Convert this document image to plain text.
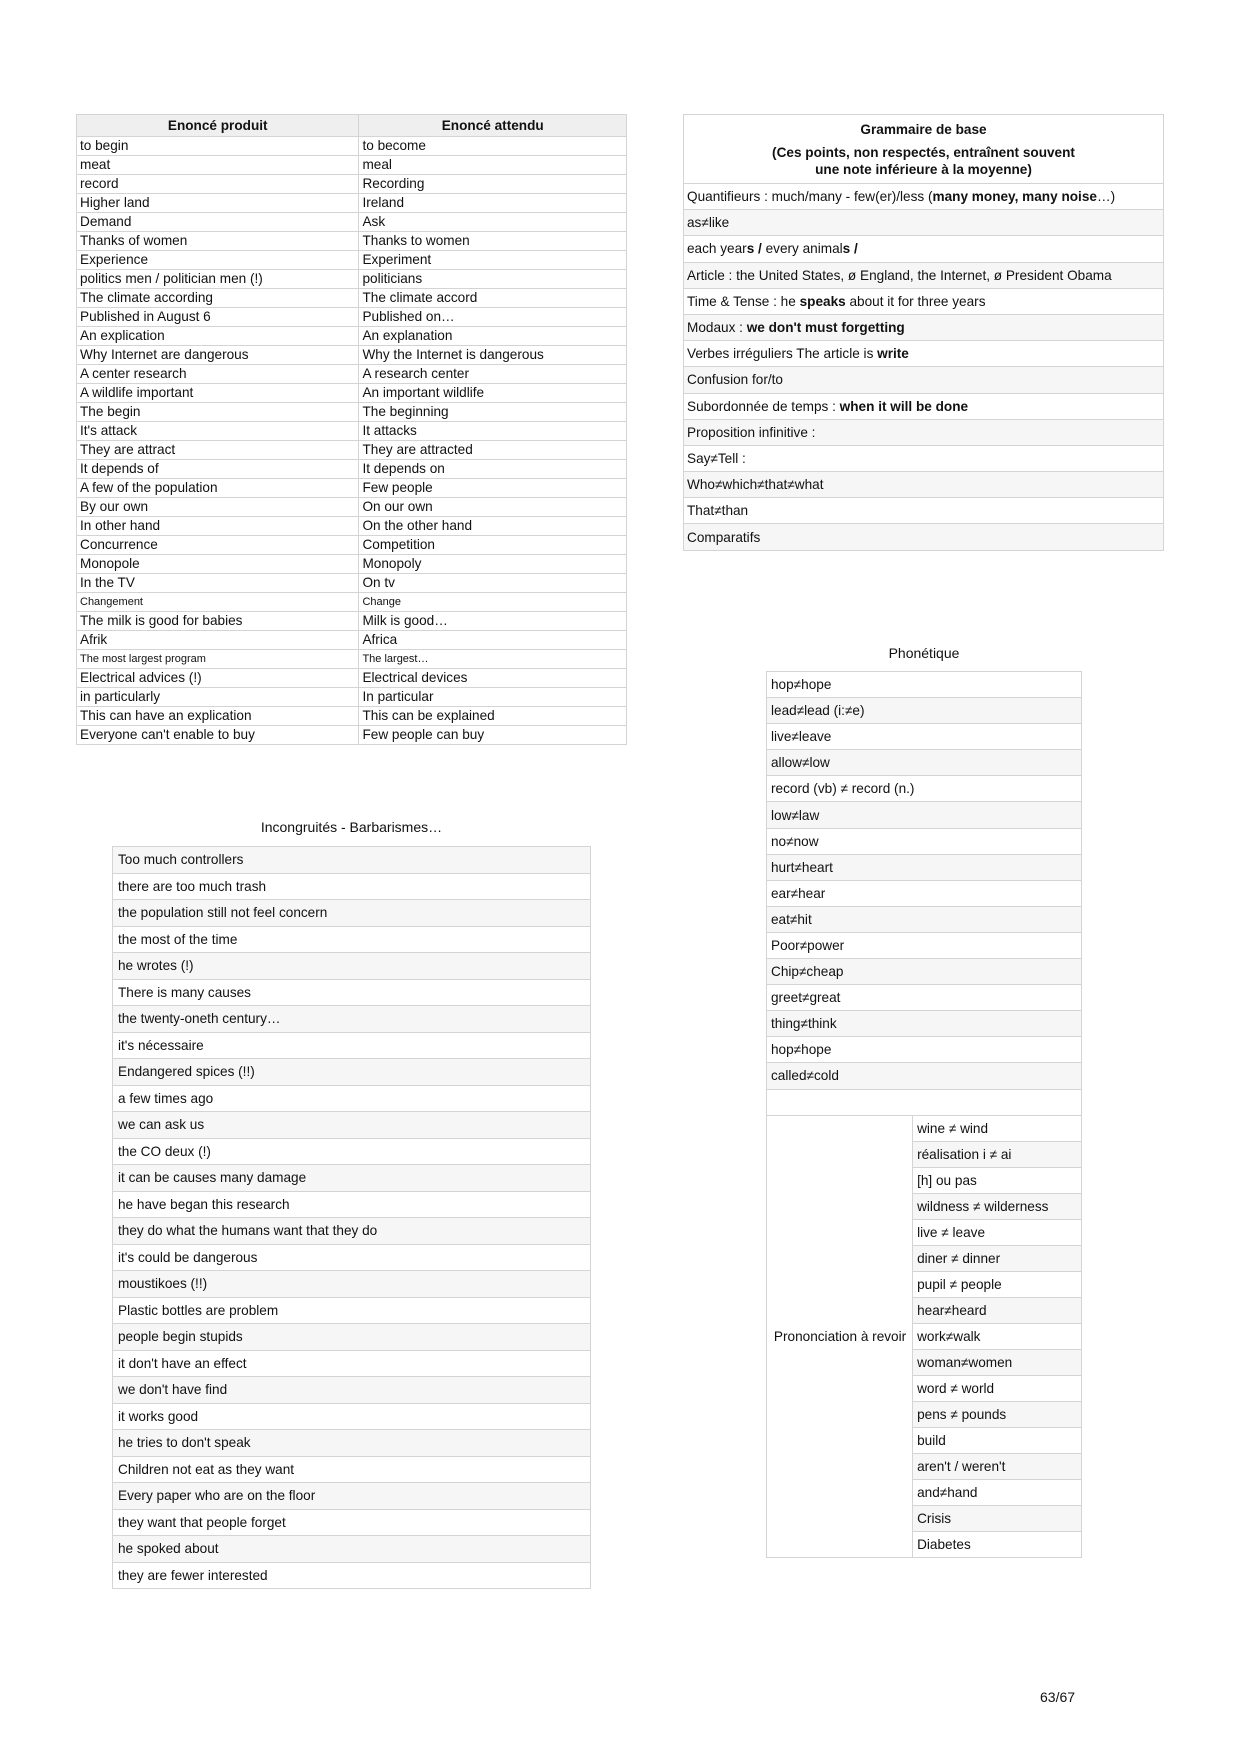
Enoncé produit	Enoncé attendu
to begin	to become
meat	meal
record	Recording
Higher land	Ireland
Demand	Ask
Thanks of women	Thanks to women
Experience	Experiment
politics men / politician men (!)	politicians
The climate according	The climate accord
Published in August 6	Published on…
An explication	An explanation
Why Internet are dangerous	Why the Internet is dangerous
A center research	A research center
A wildlife important	An important wildlife
The begin	The beginning
It's attack	It attacks
They are attract	They are attracted
It depends of	It depends on
A few of the population	Few people
By our own	On our own
In other hand	On the other hand
Concurrence	Competition
Monopole	Monopoly
In the TV	On tv
Changement	Change
The milk is good for babies	Milk is good…
Afrik	Africa
The most largest program	The largest…
Electrical advices (!)	Electrical devices
in particularly	In particular
This can have an explication	This can be explained
Everyone can't enable to buy	Few people can buy
Grammaire de base
(Ces points, non respectés, entraînent souvent
une note inférieure à la moyenne)

Quantifieurs : much/many - few(er)/less (many money, many noise…)
as≠like
each years / every animals /
Article : the United States, ø England, the Internet, ø President Obama
Time & Tense : he speaks about it for three years
Modaux : we don't must forgetting
Verbes irréguliers The article is write
Confusion for/to
Subordonnée de temps : when it will be done
Proposition infinitive :
Say≠Tell :
Who≠which≠that≠what
That≠than
Comparatifs
Incongruités - Barbarismes…
Too much controllers
there are too much trash
the population still not feel concern
the most of the time
he wrotes (!)
There is many causes
the twenty-oneth century…
it's nécessaire
Endangered spices (!!)
a few times ago
we can ask us
the CO deux (!)
it can be causes many damage
he have began this research
they do what the humans want that they do
it's could be dangerous
moustikoes (!!)
Plastic bottles are problem
people begin stupids
it don't have an effect
we don't have find
it works good
he tries to don't speak
Children not eat as they want
Every paper who are on the floor
they want that people forget
he spoked about
they are fewer interested
Phonétique
hop≠hope
lead≠lead (i:≠e)
live≠leave
allow≠low
record (vb) ≠ record (n.)
low≠law
no≠now
hurt≠heart
ear≠hear
eat≠hit
Poor≠power
Chip≠cheap
greet≠great
thing≠think
hop≠hope
called≠cold

Prononciation à revoir	wine ≠ wind
réalisation i ≠ ai
[h] ou pas
wildness ≠ wilderness
live ≠ leave
diner ≠ dinner
pupil ≠ people
hear≠heard
work≠walk
woman≠women
word ≠ world
pens ≠ pounds
build
aren't / weren't
and≠hand
Crisis
Diabetes
63/67
